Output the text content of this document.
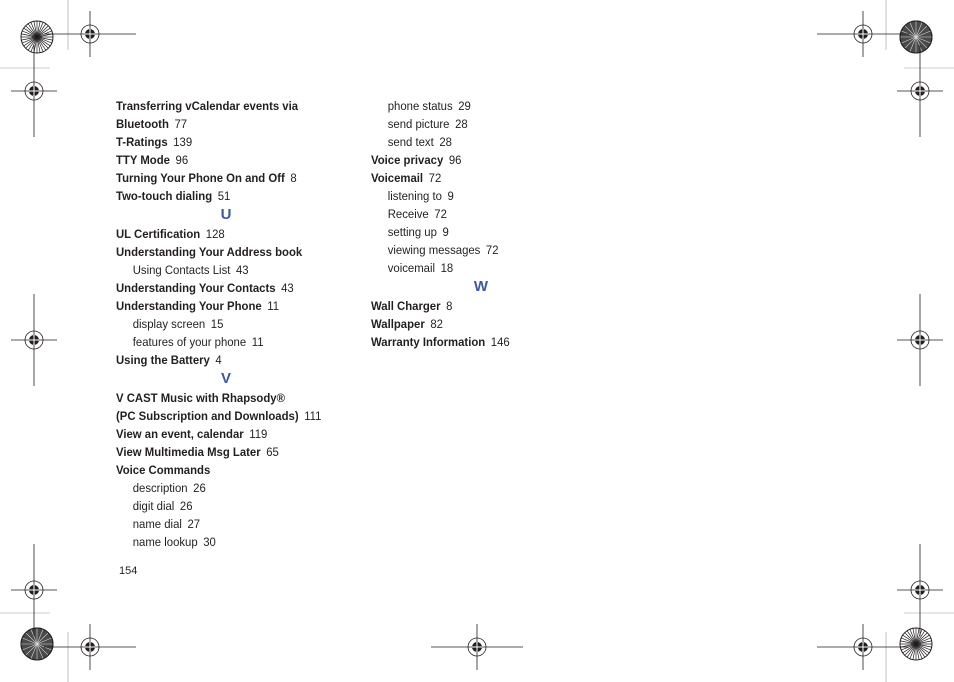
Transferring vCalendar events via
Bluetooth 77
T-Ratings 139
TTY Mode 96
Turning Your Phone On and Off 8
Two-touch dialing 51
U
UL Certification 128
Understanding Your Address book
Using Contacts List 43
Understanding Your Contacts 43
Understanding Your Phone 11
display screen 15
features of your phone 11
Using the Battery 4
V
V CAST Music with Rhapsody®
(PC Subscription and Downloads) 111
View an event, calendar 119
View Multimedia Msg Later 65
Voice Commands
description 26
digit dial 26
name dial 27
name lookup 30
phone status 29
send picture 28
send text 28
Voice privacy 96
Voicemail 72
listening to 9
Receive 72
setting up 9
viewing messages 72
voicemail 18
W
Wall Charger 8
Wallpaper 82
Warranty Information 146
154
